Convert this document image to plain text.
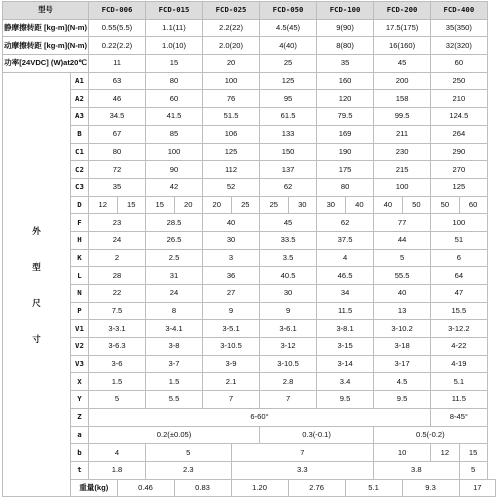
型号		FCD-006		FCD-015		FCD-025		FCD-050		FCD-100		FCD-200		FCD-400	
静摩擦转距 [kg-m](N-m)		0.55(5.5)		1.1(11)		2.2(22)		4.5(45)		9(90)		17.5(175)		35(350)	
动摩擦转距 [kg-m](N-m)		0.22(2.2)		1.0(10)		2.0(20)		4(40)		8(80)		16(160)		32(320)	
功率[24VDC] (W)at20℃		11		15		20		25		35		45		60	

外
型
尺
寸	A1	63		80		100		125		160		200		250	
	A2	46		60		76		95		120		158		210	
	A3	34.5		41.5		51.5		61.5		79.5		99.5		124.5	
	B	67		85		106		133		169		211		264	
	C1	80		100		125		150		190		230		290	
	C2	72		90		112		137		175		215		270	
	C3	35		42		52		62		80		100		125	
	D	12	15	15	20	20	25	25	30	30	40	40	50	50	60
	F	23		28.5		40		45		62		77		100	
	H	24		26.5		30		33.5		37.5		44		51	
	K	2		2.5		3		3.5		4		5		6	
	L	28		31		36		40.5		46.5		55.5		64	
	N	22		24		27		30		34		40		47	
	P	7.5		8		9		9		11.5		13		15.5	
	V1	3-3.1		3-4.1		3-5.1		3-6.1		3-8.1		3-10.2		3-12.2	
	V2	3-6.3		3-8		3-10.5		3-12		3-15		3-18		4-22	
	V3	3-6		3-7		3-9		3-10.5		3-14		3-17		4-19	
	X	1.5		1.5		2.1		2.8		3.4		4.5		5.1	
	Y	5		5.5		7		7		9.5		9.5		11.5	
	Z	6-60°												8-45°	
	a	0.2(±0.05)						0.3(-0.1)				0.5(-0.2)			
	b	4		5			7					10		12	15
	t	1.8		2.3			3.3					3.8			5
	重量(kg)		0.46		0.83		1.20		2.76		5.1		9.3		17
